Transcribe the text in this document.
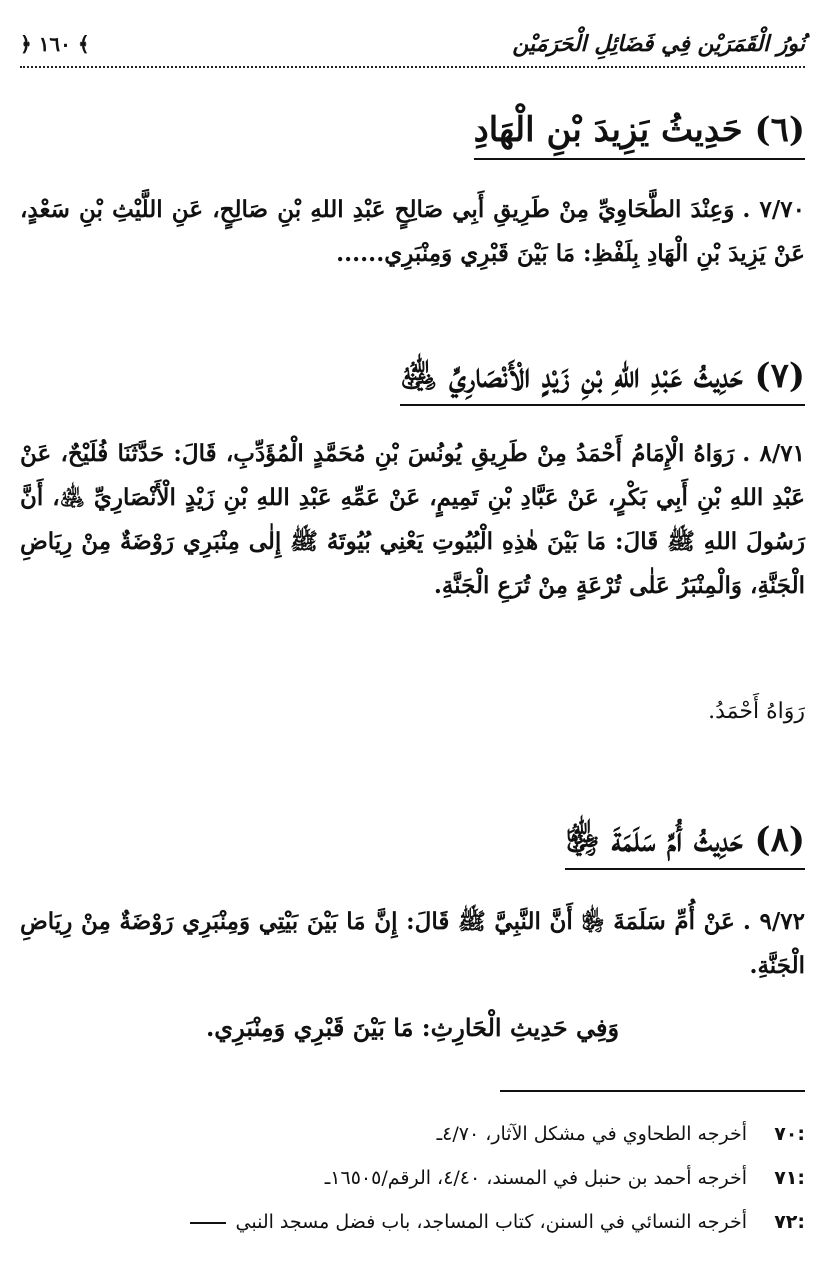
نُورُ الْقَمَرَيْن فِي فَضَائِلِ الْحَرَمَيْن
﴿ ١٦٠ ﴾
(٦) حَدِيثُ يَزِيدَ بْنِ الْهَادِ
٧/٧٠ .وَعِنْدَ الطَّحَاوِيِّ مِنْ طَرِيقِ أَبِي صَالِحٍ عَبْدِ اللهِ بْنِ صَالِحٍ، عَنِ اللَّيْثِ بْنِ سَعْدٍ، عَنْ يَزِيدَ بْنِ الْهَادِ بِلَفْظِ: مَا بَيْنَ قَبْرِي وَمِنْبَرِي......
(٧) حَدِيثُ عَبْدِ اللهِ بْنِ زَيْدٍ الْأَنْصَارِيِّ ﵁
٨/٧١ .رَوَاهُ الْإِمَامُ أَحْمَدُ مِنْ طَرِيقِ يُونُسَ بْنِ مُحَمَّدٍ الْمُؤَدِّبِ، قَالَ: حَدَّثَنَا فُلَيْحٌ، عَنْ عَبْدِ اللهِ بْنِ أَبِي بَكْرٍ، عَنْ عَبَّادِ بْنِ تَمِيمٍ، عَنْ عَمِّهِ عَبْدِ اللهِ بْنِ زَيْدٍ الْأَنْصَارِيِّ ﵁، أَنَّ رَسُولَ اللهِ ﷺ قَالَ: مَا بَيْنَ هٰذِهِ الْبُيُوتِ يَعْنِي بُيُوتَهُ ﷺ إِلٰى مِنْبَرِي رَوْضَةٌ مِنْ رِيَاضِ الْجَنَّةِ، وَالْمِنْبَرُ عَلٰى تُرْعَةٍ مِنْ تُرَعِ الْجَنَّةِ.
رَوَاهُ أَحْمَدُ.
(٨) حَدِيثُ أُمِّ سَلَمَةَ ﵂
٩/٧٢ .عَنْ أُمِّ سَلَمَةَ ﵂ أَنَّ النَّبِيَّ ﷺ قَالَ: إِنَّ مَا بَيْنَ بَيْتِي وَمِنْبَرِي رَوْضَةٌ مِنْ رِيَاضِ الْجَنَّةِ.
وَفِي حَدِيثِ الْحَارِثِ: مَا بَيْنَ قَبْرِي وَمِنْبَرِي.
:٧٠
أخرجه الطحاوي في مشكل الآثار، ٤/٧٠ـ
:٧١
أخرجه أحمد بن حنبل في المسند، ٤/٤٠، الرقم/١٦٥٠٥ـ
:٧٢
أخرجه النسائي في السنن، كتاب المساجد، باب فضل مسجد النبي
